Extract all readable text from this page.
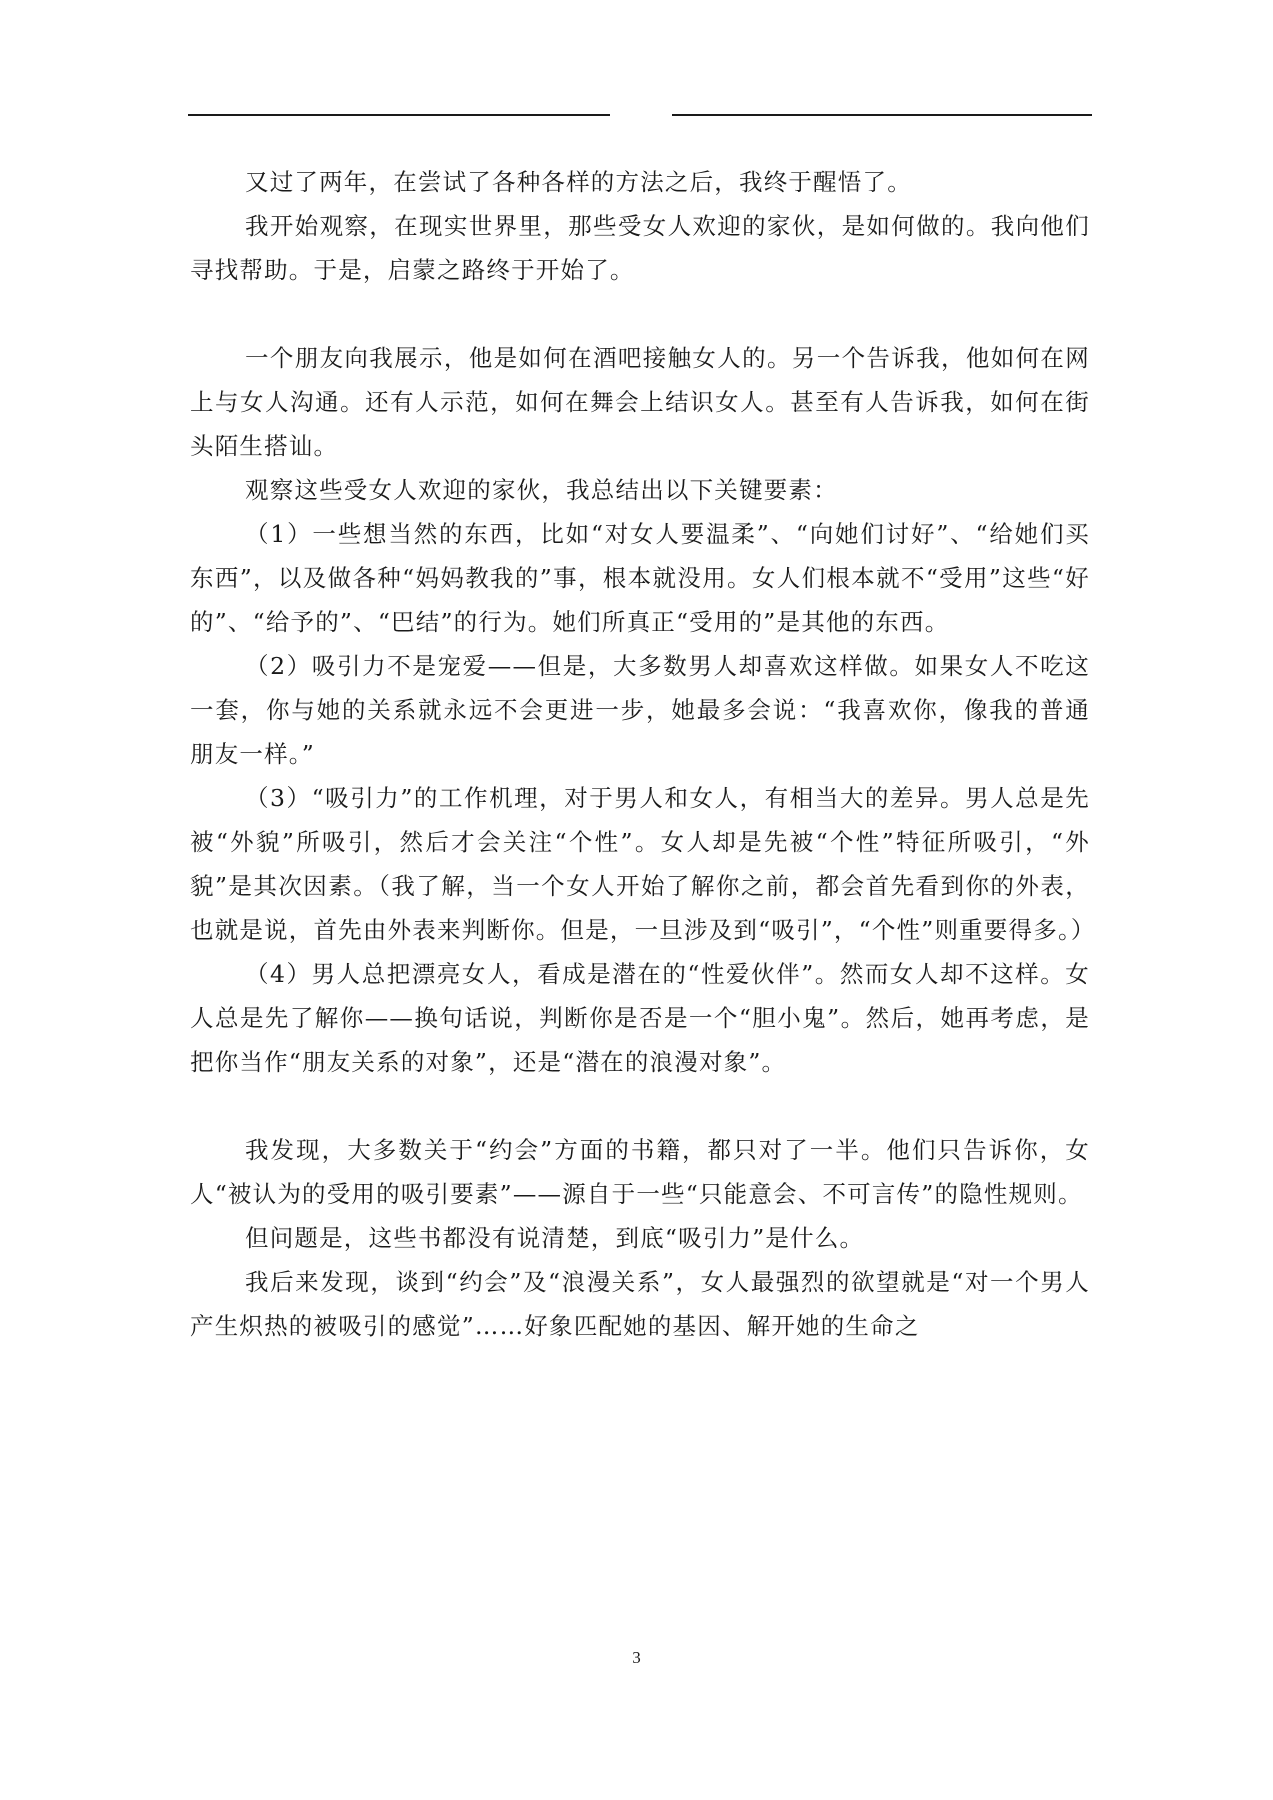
又过了两年，在尝试了各种各样的方法之后，我终于醒悟了。

我开始观察，在现实世界里，那些受女人欢迎的家伙，是如何做的。我向他们寻找帮助。于是，启蒙之路终于开始了。

一个朋友向我展示，他是如何在酒吧接触女人的。另一个告诉我，他如何在网上与女人沟通。还有人示范，如何在舞会上结识女人。甚至有人告诉我，如何在街头陌生搭讪。

观察这些受女人欢迎的家伙，我总结出以下关键要素：

（1）一些想当然的东西，比如“对女人要温柔”、“向她们讨好”、“给她们买东西”，以及做各种“妈妈教我的”事，根本就没用。女人们根本就不“受用”这些“好的”、“给予的”、“巴结”的行为。她们所真正“受用的”是其他的东西。

（2）吸引力不是宠爱——但是，大多数男人却喜欢这样做。如果女人不吃这一套，你与她的关系就永远不会更进一步，她最多会说：“我喜欢你，像我的普通朋友一样。”

（3）“吸引力”的工作机理，对于男人和女人，有相当大的差异。男人总是先被“外貌”所吸引，然后才会关注“个性”。女人却是先被“个性”特征所吸引，“外貌”是其次因素。（我了解，当一个女人开始了解你之前，都会首先看到你的外表，也就是说，首先由外表来判断你。但是，一旦涉及到“吸引”，“个性”则重要得多。）

（4）男人总把漂亮女人，看成是潜在的“性爱伙伴”。然而女人却不这样。女人总是先了解你——换句话说，判断你是否是一个“胆小鬼”。然后，她再考虑，是把你当作“朋友关系的对象”，还是“潜在的浪漫对象”。

我发现，大多数关于“约会”方面的书籍，都只对了一半。他们只告诉你，女人“被认为的受用的吸引要素”——源自于一些“只能意会、不可言传”的隐性规则。

但问题是，这些书都没有说清楚，到底“吸引力”是什么。

我后来发现，谈到“约会”及“浪漫关系”，女人最强烈的欲望就是“对一个男人产生炽热的被吸引的感觉”……好象匹配她的基因、解开她的生命之

3
